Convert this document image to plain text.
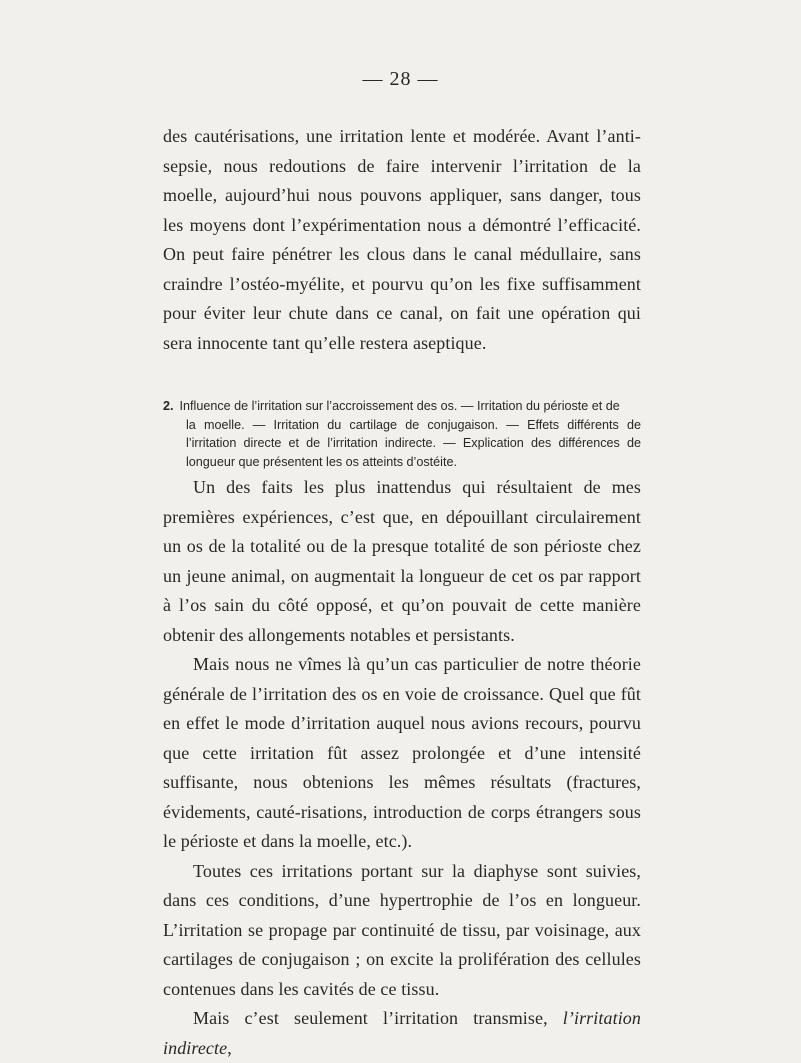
— 28 —

des cautérisations, une irritation lente et modérée. Avant l’anti-sepsie, nous redoutions de faire intervenir l’irritation de la moelle, aujourd’hui nous pouvons appliquer, sans danger, tous les moyens dont l’expérimentation nous a démontré l’efficacité. On peut faire pénétrer les clous dans le canal médullaire, sans craindre l’ostéo-myélite, et pourvu qu’on les fixe suffisamment pour éviter leur chute dans ce canal, on fait une opération qui sera innocente tant qu’elle restera aseptique.

2. Influence de l’irritation sur l’accroissement des os. — Irritation du périoste et de
la moelle. — Irritation du cartilage de conjugaison. — Effets différents de l’irritation directe et de l’irritation indirecte. — Explication des différences de longueur que présentent les os atteints d’ostéite.

Un des faits les plus inattendus qui résultaient de mes premières expériences, c’est que, en dépouillant circulairement un os de la totalité ou de la presque totalité de son périoste chez un jeune animal, on augmentait la longueur de cet os par rapport à l’os sain du côté opposé, et qu’on pouvait de cette manière obtenir des allongements notables et persistants.

Mais nous ne vîmes là qu’un cas particulier de notre théorie générale de l’irritation des os en voie de croissance. Quel que fût en effet le mode d’irritation auquel nous avions recours, pourvu que cette irritation fût assez prolongée et d’une intensité suffisante, nous obtenions les mêmes résultats (fractures, évidements, cauté-risations, introduction de corps étrangers sous le périoste et dans la moelle, etc.).

Toutes ces irritations portant sur la diaphyse sont suivies, dans ces conditions, d’une hypertrophie de l’os en longueur. L’irritation se propage par continuité de tissu, par voisinage, aux cartilages de conjugaison ; on excite la prolifération des cellules contenues dans les cavités de ce tissu.

Mais c’est seulement l’irritation transmise, l’irritation indirecte,
